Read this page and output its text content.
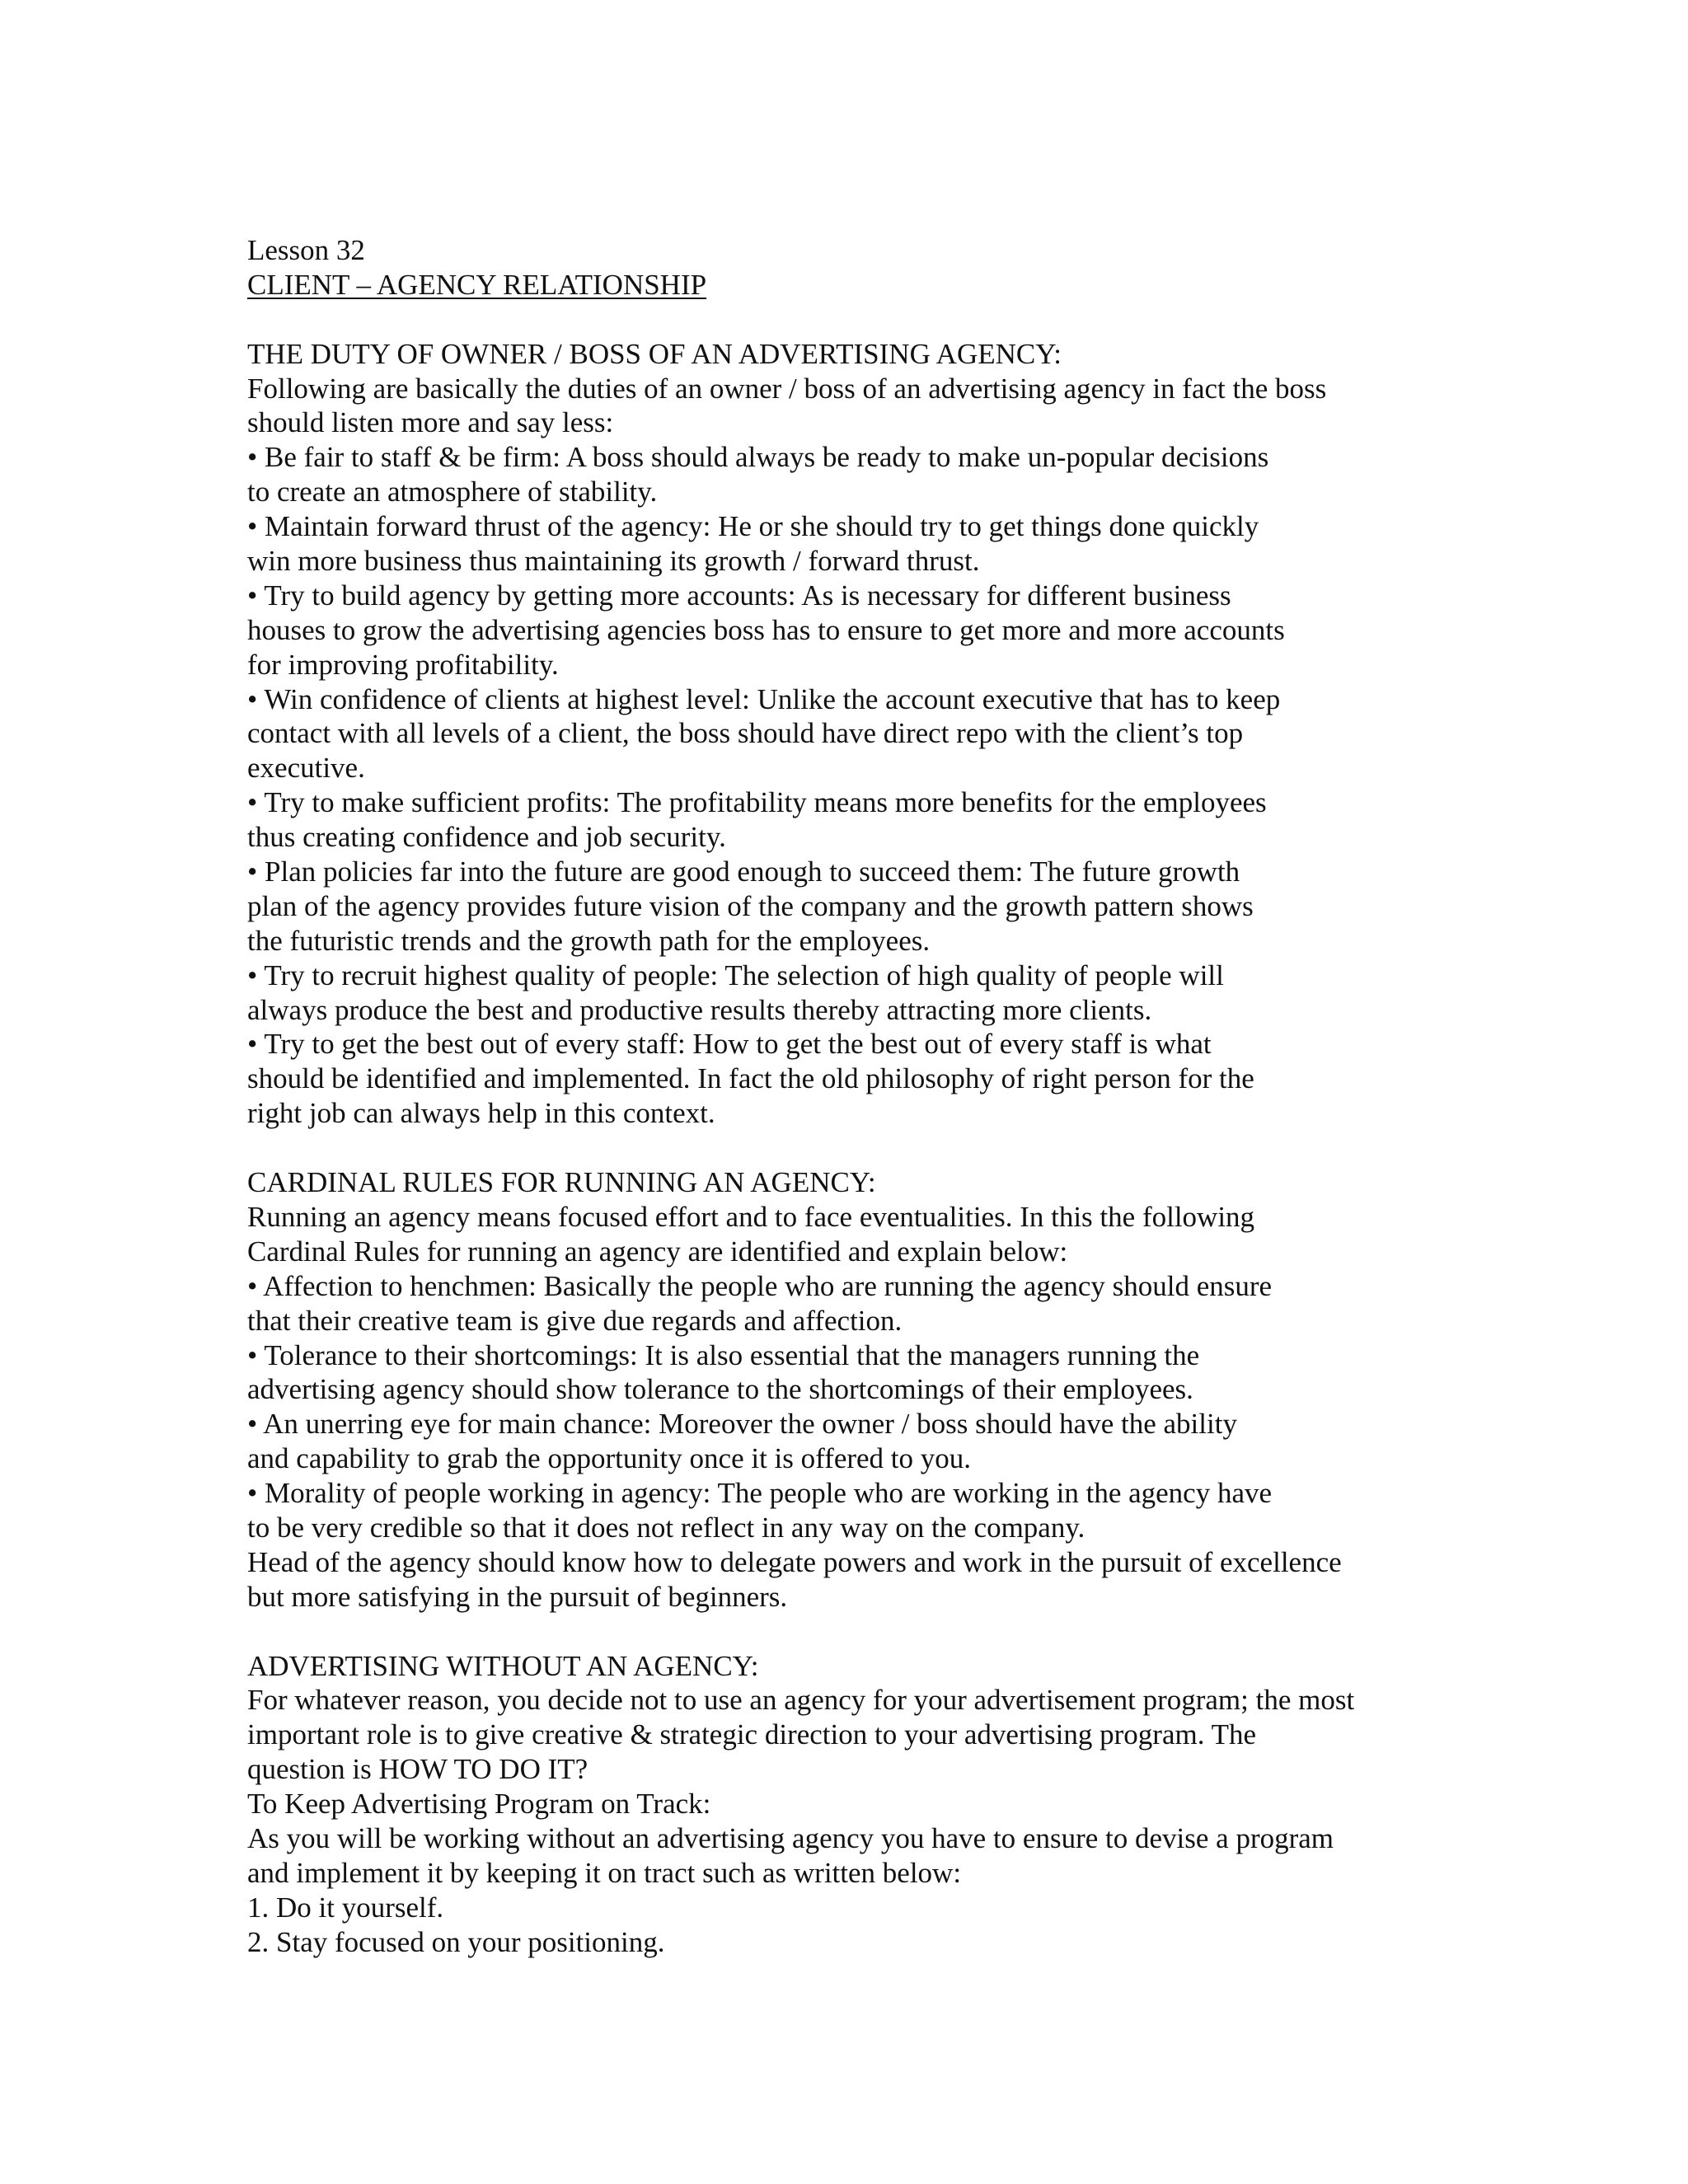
Lesson 32
CLIENT – AGENCY RELATIONSHIP
THE DUTY OF OWNER / BOSS OF AN ADVERTISING AGENCY:
Following are basically the duties of an owner / boss of an advertising agency in fact the boss
should listen more and say less:
• Be fair to staff & be firm: A boss should always be ready to make un-popular decisions
to create an atmosphere of stability.
• Maintain forward thrust of the agency: He or she should try to get things done quickly
win more business thus maintaining its growth / forward thrust.
• Try to build agency by getting more accounts: As is necessary for different business
houses to grow the advertising agencies boss has to ensure to get more and more accounts
for improving profitability.
• Win confidence of clients at highest level: Unlike the account executive that has to keep
contact with all levels of a client, the boss should have direct repo with the client’s top
executive.
• Try to make sufficient profits: The profitability means more benefits for the employees
thus creating confidence and job security.
• Plan policies far into the future are good enough to succeed them: The future growth
plan of the agency provides future vision of the company and the growth pattern shows
the futuristic trends and the growth path for the employees.
• Try to recruit highest quality of people: The selection of high quality of people will
always produce the best and productive results thereby attracting more clients.
• Try to get the best out of every staff: How to get the best out of every staff is what
should be identified and implemented. In fact the old philosophy of right person for the
right job can always help in this context.
CARDINAL RULES FOR RUNNING AN AGENCY:
Running an agency means focused effort and to face eventualities. In this the following
Cardinal Rules for running an agency are identified and explain below:
• Affection to henchmen: Basically the people who are running the agency should ensure
that their creative team is give due regards and affection.
• Tolerance to their shortcomings: It is also essential that the managers running the
advertising agency should show tolerance to the shortcomings of their employees.
• An unerring eye for main chance: Moreover the owner / boss should have the ability
and capability to grab the opportunity once it is offered to you.
• Morality of people working in agency: The people who are working in the agency have
to be very credible so that it does not reflect in any way on the company.
Head of the agency should know how to delegate powers and work in the pursuit of excellence
but more satisfying in the pursuit of beginners.
ADVERTISING WITHOUT AN AGENCY:
For whatever reason, you decide not to use an agency for your advertisement program; the most
important role is to give creative & strategic direction to your advertising program. The
question is HOW TO DO IT?
To Keep Advertising Program on Track:
As you will be working without an advertising agency you have to ensure to devise a program
and implement it by keeping it on tract such as written below:
1. Do it yourself.
2. Stay focused on your positioning.
